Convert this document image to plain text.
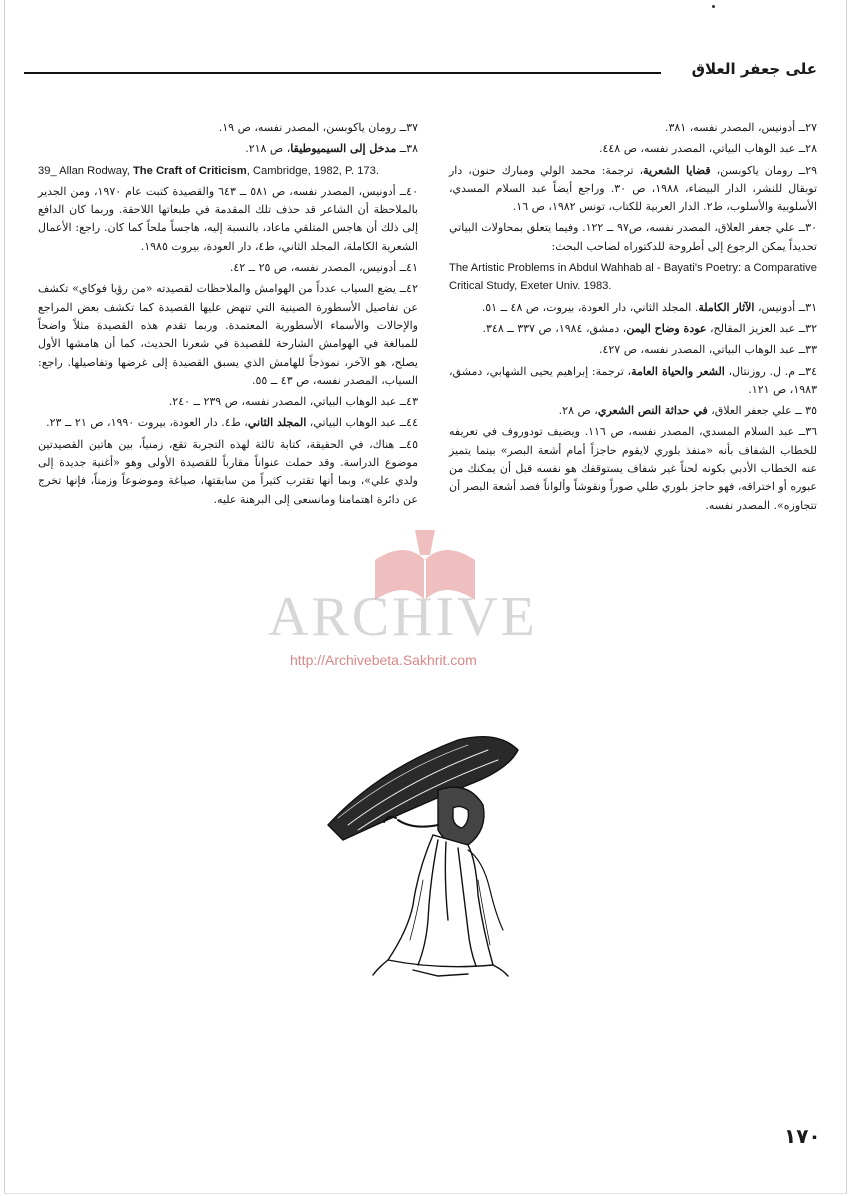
على جعفر العلاق

٢٧ــ أدونيس، المصدر نفسه، ٣٨١.

٢٨ــ عبد الوهاب البياتي، المصدر نفسه، ص ٤٤٨.

٢٩ــ رومان ياكوبسن، قضايا الشعرية، ترجمة: محمد الولي ومبارك حنون، دار توبقال للنشر، الدار البيضاء، ١٩٨٨، ص ٣٠. وراجع أيضاً عبد السلام المسدي، الأسلوبية والأسلوب، ط٢. الدار العربية للكتاب، تونس ١٩٨٢، ص ١٦.

٣٠ــ علي جعفر العلاق، المصدر نفسه، ص٩٧ ــ ١٢٢. وفيما يتعلق بمحاولات البياتي تحديداً يمكن الرجوع إلى أطروحة للدكتوراه لصاحب البحث:

The Artistic Problems in Abdul Wahhab al - Bayati's Poetry: a Comparative Critical Study, Exeter Univ. 1983.

٣١ــ أدونيس، الآثار الكاملة. المجلد الثاني، دار العودة، بيروت، ص ٤٨ ــ ٥١.

٣٢ــ عبد العزيز المقالح، عودة وضاح اليمن، دمشق، ١٩٨٤، ص ٣٣٧ ــ ٣٤٨.

٣٣ــ عبد الوهاب البياتي، المصدر نفسه، ص ٤٢٧.

٣٤ــ م. ل. روزنتال، الشعر والحياة العامة، ترجمة: إبراهيم يحيى الشهابي، دمشق، ١٩٨٣، ص ١٢١.

٣٥ ــ علي جعفر العلاق، في حداثة النص الشعري، ص ٢٨.

٣٦ــ عبد السلام المسدي، المصدر نفسه، ص ١١٦. ويضيف تودوروف في تعريفه للخطاب الشفاف بأنه «منفذ بلوري لايقوم حاجزاً أمام أشعة البصر» بينما يتميز عنه الخطاب الأدبي بكونه لحناً غير شفاف يستوقفك هو نفسه قبل أن يمكنك من عبوره أو اختراقه، فهو حاجز بلوري طلي صوراً ونقوشاً وألواناً فصد أشعة البصر أن تتجاوزه». المصدر نفسه.

٣٧ــ رومان ياكوبسن، المصدر نفسه، ص ١٩.

٣٨ــ مدخل إلى السيميوطيقا، ص ٢١٨.

39_ Allan Rodway, The Craft of Criticism, Cambridge, 1982, P. 173.

٤٠ــ أدونيس، المصدر نفسه، ص ٥٨١ ــ ٦٤٣ والقصيدة كتبت عام ١٩٧٠، ومن الجدير بالملاحظة أن الشاعر قد حذف تلك المقدمة في طبعاتها اللاحقة. وربما كان الدافع إلى ذلك أن هاجس المتلقي ماعاد، بالنسبة إليه، هاجساً ملحاً كما كان. راجع: الأعمال الشعرية الكاملة، المجلد الثاني، ط٤، دار العودة، بيروت ١٩٨٥.

٤١ــ أدونيس، المصدر نفسه، ص ٢٥ ــ ٤٢.

٤٢ــ يضع السياب عدداً من الهوامش والملاحظات لقصيدته «من رؤيا فوكاي» تكشف عن تفاصيل الأسطورة الصينية التي تنهض عليها القصيدة كما تكشف بعض المراجع والإحالات والأسماء الأسطورية المعتمدة. وربما تقدم هذه القصيدة مثلاً واضحاً للمبالغة في الهوامش الشارحة للقصيدة في شعرنا الحديث، كما أن هامشها الأول يصلح، هو الآخر، نموذجاً للهامش الذي يسبق القصيدة إلى غرضها وتفاصيلها. راجع: السياب، المصدر نفسه، ص ٤٣ ــ ٥٥.

٤٣ــ عبد الوهاب البياتي، المصدر نفسه، ص ٢٣٩ ــ ٢٤٠.

٤٤ــ عبد الوهاب البياتي، المجلد الثاني، ط٤. دار العودة، بيروت ١٩٩٠، ص ٢١ ــ ٢٣.

٤٥ــ هناك، في الحقيقة، كتابة ثالثة لهذه التجربة تقع، زمنياً، بين هاتين القصيدتين موضوع الدراسة. وقد حملت عنواناً مقارباً للقصيدة الأولى وهو «أغنية جديدة إلى ولدي علي»، وبما أنها تقترب كثيراً من سابقتها، صياغة وموضوعاً وزمناً، فإنها تخرج عن دائرة اهتمامنا ومانسعى إلى البرهنة عليه.

ARCHIVE
http://Archivebeta.Sakhrit.com
١٧٠
